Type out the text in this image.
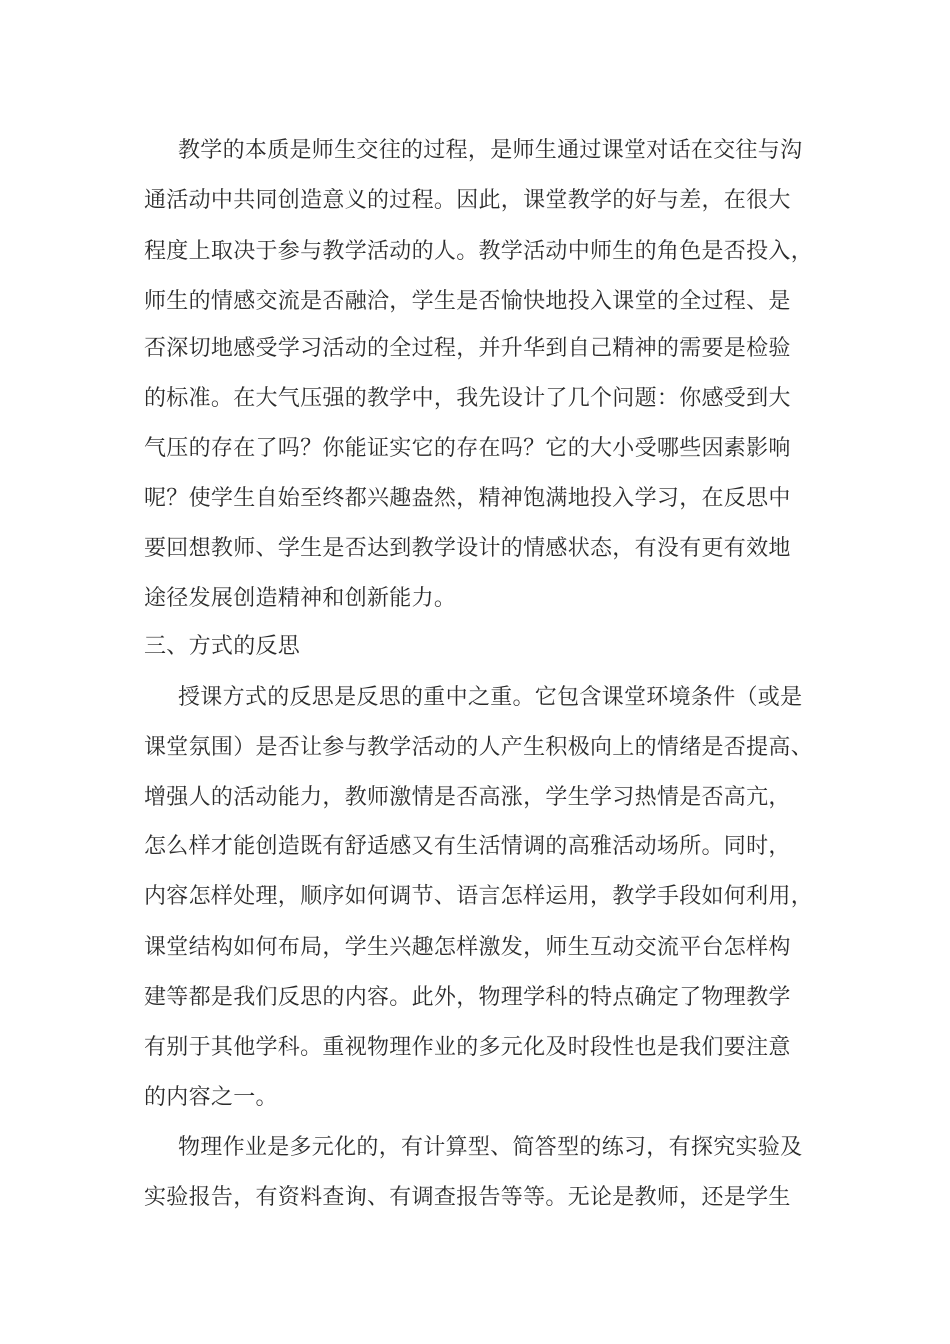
教学的本质是师生交往的过程，是师生通过课堂对话在交往与沟
通活动中共同创造意义的过程。因此，课堂教学的好与差，在很大
程度上取决于参与教学活动的人。教学活动中师生的角色是否投入，
师生的情感交流是否融洽，学生是否愉快地投入课堂的全过程、是
否深切地感受学习活动的全过程，并升华到自己精神的需要是检验
的标准。在大气压强的教学中，我先设计了几个问题：你感受到大
气压的存在了吗？你能证实它的存在吗？它的大小受哪些因素影响
呢？使学生自始至终都兴趣盎然，精神饱满地投入学习，在反思中
要回想教师、学生是否达到教学设计的情感状态，有没有更有效地
途径发展创造精神和创新能力。
三、方式的反思
授课方式的反思是反思的重中之重。它包含课堂环境条件（或是
课堂氛围）是否让参与教学活动的人产生积极向上的情绪是否提高、
增强人的活动能力，教师激情是否高涨，学生学习热情是否高亢，
怎么样才能创造既有舒适感又有生活情调的高雅活动场所。同时，
内容怎样处理，顺序如何调节、语言怎样运用，教学手段如何利用，
课堂结构如何布局，学生兴趣怎样激发，师生互动交流平台怎样构
建等都是我们反思的内容。此外，物理学科的特点确定了物理教学
有别于其他学科。重视物理作业的多元化及时段性也是我们要注意
的内容之一。
物理作业是多元化的，有计算型、简答型的练习，有探究实验及
实验报告，有资料查询、有调查报告等等。无论是教师，还是学生
